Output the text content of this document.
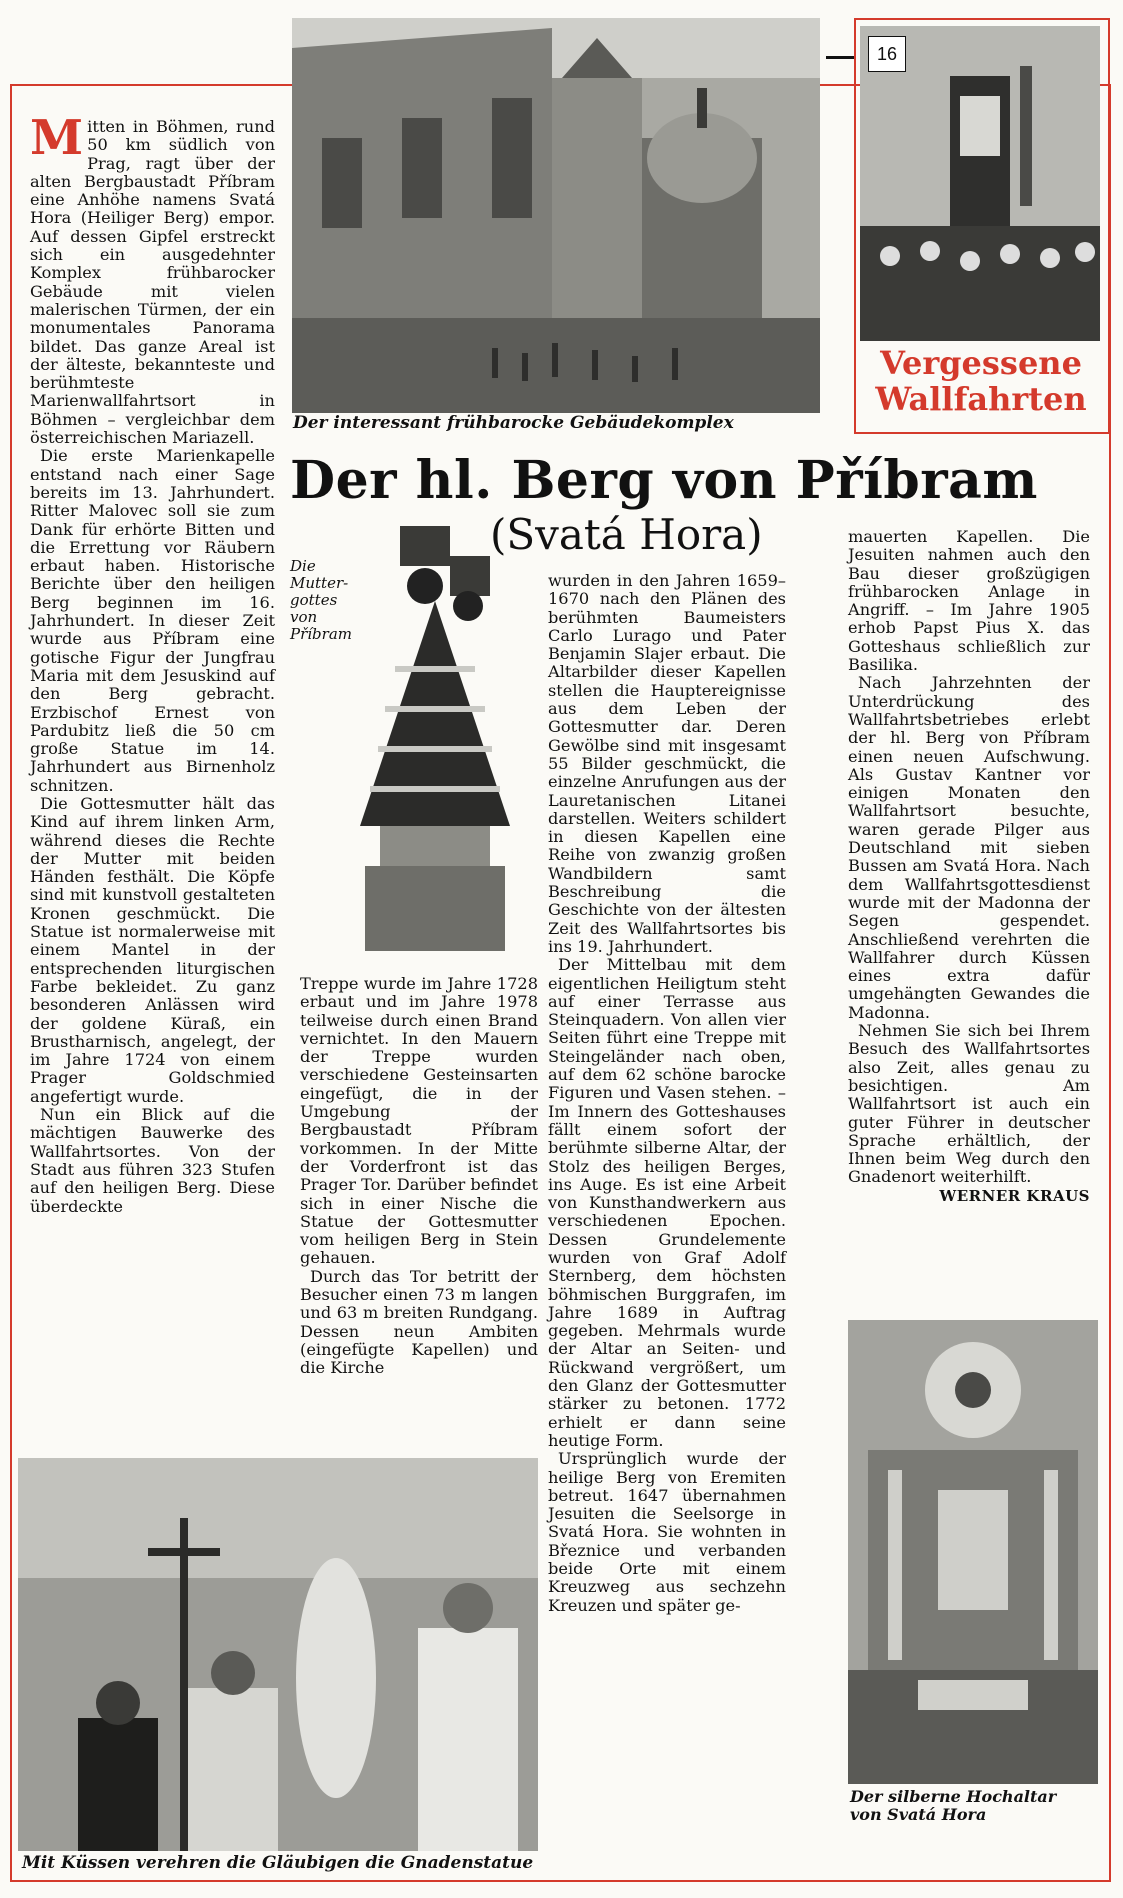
Der interessant frühbarocke Gebäudekomplex
16
Vergessene
Wallfahrten
Der hl. Berg von Příbram
(Svatá Hora)
Die
Mutter-
gottes
von
Příbram

Mitten in Böhmen, rund 50 km südlich von Prag, ragt über der alten Bergbaustadt Příbram eine Anhöhe namens Svatá Hora (Heiliger Berg) empor. Auf dessen Gipfel erstreckt sich ein ausgedehnter Komplex frühbarocker Gebäude mit vielen malerischen Türmen, der ein monumentales Panorama bildet. Das ganze Areal ist der älteste, bekannteste und berühmteste Marienwallfahrtsort in Böhmen – vergleichbar dem österreichischen Mariazell.

Die erste Marienkapelle entstand nach einer Sage bereits im 13. Jahrhundert. Ritter Malovec soll sie zum Dank für erhörte Bitten und die Errettung vor Räubern erbaut haben. Historische Berichte über den heiligen Berg beginnen im 16. Jahrhundert. In dieser Zeit wurde aus Příbram eine gotische Figur der Jungfrau Maria mit dem Jesuskind auf den Berg gebracht. Erzbischof Ernest von Pardubitz ließ die 50 cm große Statue im 14. Jahrhundert aus Birnenholz schnitzen.

Die Gottesmutter hält das Kind auf ihrem linken Arm, während dieses die Rechte der Mutter mit beiden Händen festhält. Die Köpfe sind mit kunstvoll gestalteten Kronen geschmückt. Die Statue ist normalerweise mit einem Mantel in der entsprechenden liturgischen Farbe bekleidet. Zu ganz besonderen Anlässen wird der goldene Küraß, ein Brustharnisch, angelegt, der im Jahre 1724 von einem Prager Goldschmied angefertigt wurde.

Nun ein Blick auf die mächtigen Bauwerke des Wallfahrtsortes. Von der Stadt aus führen 323 Stufen auf den heiligen Berg. Diese überdeckte

Treppe wurde im Jahre 1728 erbaut und im Jahre 1978 teilweise durch einen Brand vernichtet. In den Mauern der Treppe wurden verschiedene Gesteinsarten eingefügt, die in der Umgebung der Bergbaustadt Příbram vorkommen. In der Mitte der Vorderfront ist das Prager Tor. Darüber befindet sich in einer Nische die Statue der Gottesmutter vom heiligen Berg in Stein gehauen.

Durch das Tor betritt der Besucher einen 73 m langen und 63 m breiten Rundgang. Dessen neun Ambiten (eingefügte Kapellen) und die Kirche

wurden in den Jahren 1659–1670 nach den Plänen des berühmten Baumeisters Carlo Lurago und Pater Benjamin Slajer erbaut. Die Altarbilder dieser Kapellen stellen die Hauptereignisse aus dem Leben der Gottesmutter dar. Deren Gewölbe sind mit insgesamt 55 Bilder geschmückt, die einzelne Anrufungen aus der Lauretanischen Litanei darstellen. Weiters schildert in diesen Kapellen eine Reihe von zwanzig großen Wandbildern samt Beschreibung die Geschichte von der ältesten Zeit des Wallfahrtsortes bis ins 19. Jahrhundert.

Der Mittelbau mit dem eigentlichen Heiligtum steht auf einer Terrasse aus Steinquadern. Von allen vier Seiten führt eine Treppe mit Steingeländer nach oben, auf dem 62 schöne barocke Figuren und Vasen stehen. – Im Innern des Gotteshauses fällt einem sofort der berühmte silberne Altar, der Stolz des heiligen Berges, ins Auge. Es ist eine Arbeit von Kunsthandwerkern aus verschiedenen Epochen. Dessen Grundelemente wurden von Graf Adolf Sternberg, dem höchsten böhmischen Burggrafen, im Jahre 1689 in Auftrag gegeben. Mehrmals wurde der Altar an Seiten- und Rückwand vergrößert, um den Glanz der Gottesmutter stärker zu betonen. 1772 erhielt er dann seine heutige Form.

Ursprünglich wurde der heilige Berg von Eremiten betreut. 1647 übernahmen Jesuiten die Seelsorge in Svatá Hora. Sie wohnten in Březnice und verbanden beide Orte mit einem Kreuzweg aus sechzehn Kreuzen und später ge-

mauerten Kapellen. Die Jesuiten nahmen auch den Bau dieser großzügigen frühbarocken Anlage in Angriff. – Im Jahre 1905 erhob Papst Pius X. das Gotteshaus schließlich zur Basilika.

Nach Jahrzehnten der Unterdrückung des Wallfahrtsbetriebes erlebt der hl. Berg von Příbram einen neuen Aufschwung. Als Gustav Kantner vor einigen Monaten den Wallfahrtsort besuchte, waren gerade Pilger aus Deutschland mit sieben Bussen am Svatá Hora. Nach dem Wallfahrtsgottesdienst wurde mit der Madonna der Segen gespendet. Anschließend verehrten die Wallfahrer durch Küssen eines extra dafür umgehängten Gewandes die Madonna.

Nehmen Sie sich bei Ihrem Besuch des Wallfahrtsortes also Zeit, alles genau zu besichtigen. Am Wallfahrtsort ist auch ein guter Führer in deutscher Sprache erhältlich, der Ihnen beim Weg durch den Gnadenort weiterhilft.

WERNER KRAUS
Mit Küssen verehren die Gläubigen die Gnadenstatue
Der silberne Hochaltar
von Svatá Hora
